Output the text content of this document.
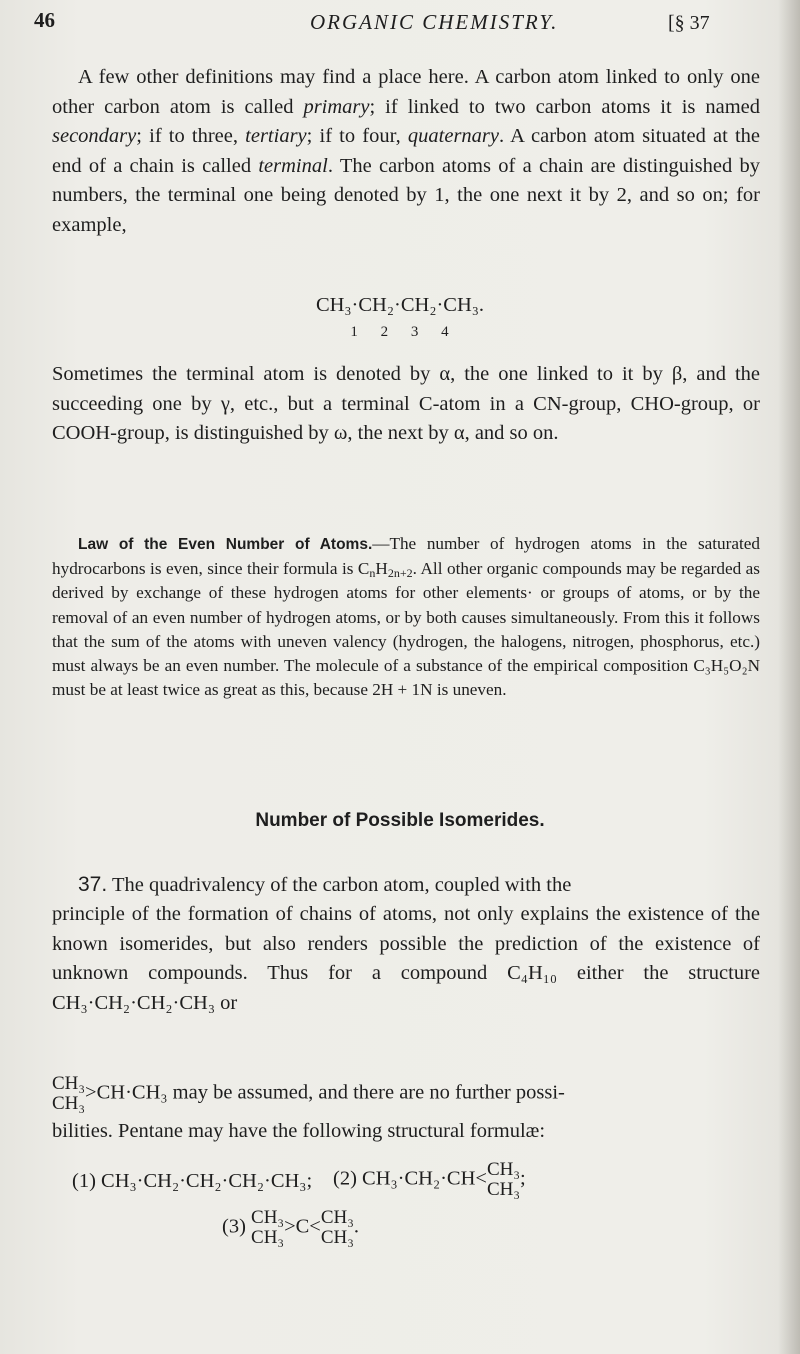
46	ORGANIC CHEMISTRY.	[§ 37
A few other definitions may find a place here. A carbon atom linked to only one other carbon atom is called primary; if linked to two carbon atoms it is named secondary; if to three, tertiary; if to four, quaternary. A carbon atom situated at the end of a chain is called terminal. The carbon atoms of a chain are distinguished by numbers, the terminal one being denoted by 1, the one next it by 2, and so on; for example,
CH₃·CH₂·CH₂·CH₃.
1 2 3 4
Sometimes the terminal atom is denoted by α, the one linked to it by β, and the succeeding one by γ, etc., but a terminal C-atom in a CN-group, CHO-group, or COOH-group, is distinguished by ω, the next by α, and so on.
Law of the Even Number of Atoms.—The number of hydrogen atoms in the saturated hydrocarbons is even, since their formula is $C_nH_{2n+2}$. All other organic compounds may be regarded as derived by exchange of these hydrogen atoms for other elements· or groups of atoms, or by the removal of an even number of hydrogen atoms, or by both causes simultaneously. From this it follows that the sum of the atoms with uneven valency (hydrogen, the halogens, nitrogen, phosphorus, etc.) must always be an even number. The molecule of a substance of the empirical composition C₃H₅O₂N must be at least twice as great as this, because 2H + 1N is uneven.
Number of Possible Isomerides.
37. The quadrivalency of the carbon atom, coupled with the
principle of the formation of chains of atoms, not only explains the existence of the known isomerides, but also renders possible the prediction of the existence of unknown compounds. Thus for a compound C₄H₁₀ either the structure CH₃·CH₂·CH₂·CH₃ or
CH₃
CH₃ >CH·CH₃ may be assumed, and there are no further possi-
bilities. Pentane may have the following structural formulæ:
(1) CH₃·CH₂·CH₂·CH₂·CH₃; (2) CH₃·CH₂·CH< CH₃
CH₃ ;
(3) CH₃
CH₃ >C< CH₃
CH₃ .
